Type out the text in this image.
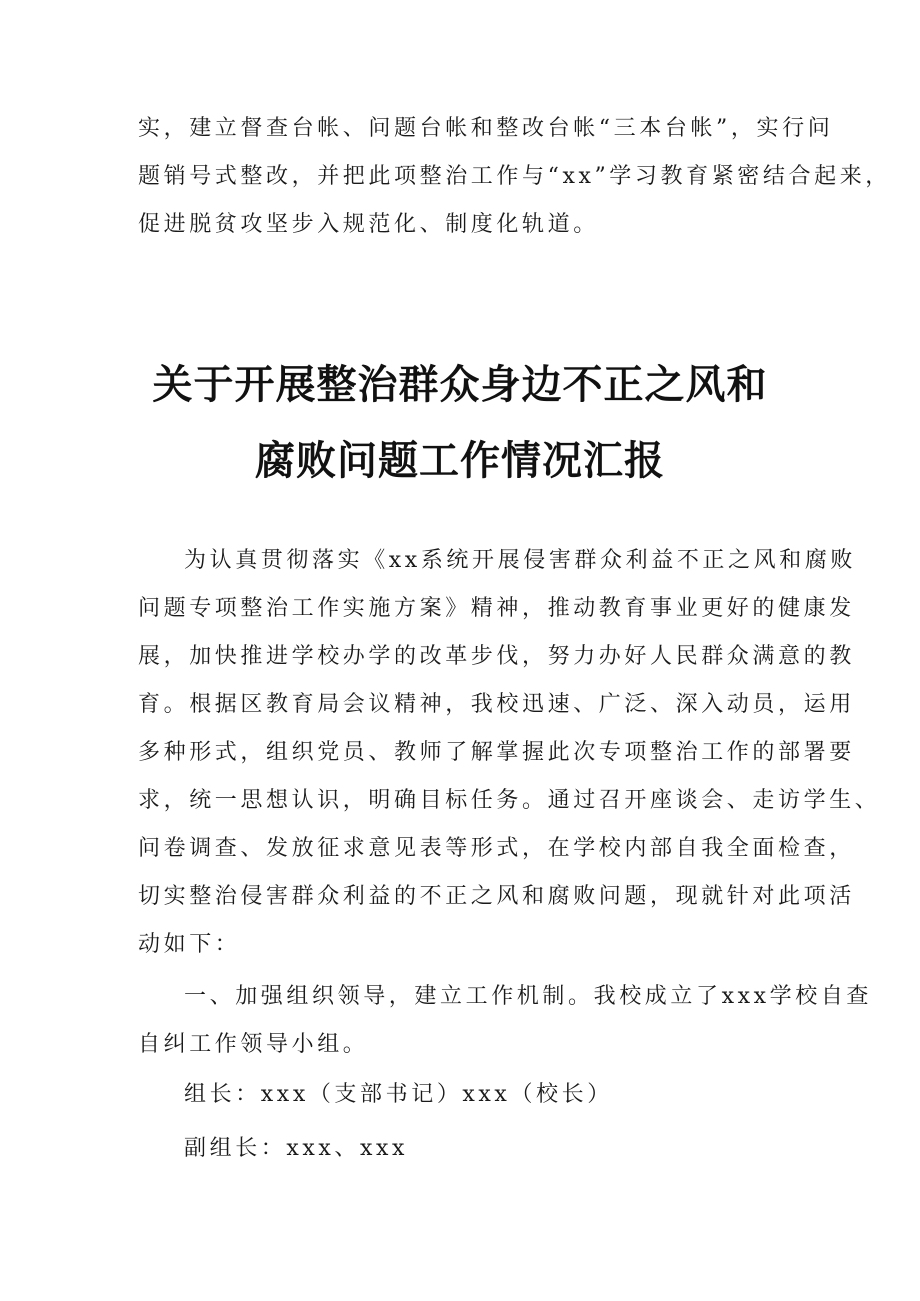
实，建立督查台帐、问题台帐和整改台帐“三本台帐”，实行问

题销号式整改，并把此项整治工作与“xx”学习教育紧密结合起来，

促进脱贫攻坚步入规范化、制度化轨道。

关于开展整治群众身边不正之风和
腐败问题工作情况汇报

为认真贯彻落实《xx系统开展侵害群众利益不正之风和腐败

问题专项整治工作实施方案》精神，推动教育事业更好的健康发

展，加快推进学校办学的改革步伐，努力办好人民群众满意的教

育。根据区教育局会议精神，我校迅速、广泛、深入动员，运用

多种形式，组织党员、教师了解掌握此次专项整治工作的部署要

求，统一思想认识，明确目标任务。通过召开座谈会、走访学生、

问卷调查、发放征求意见表等形式，在学校内部自我全面检查，

切实整治侵害群众利益的不正之风和腐败问题，现就针对此项活

动如下：

一、加强组织领导，建立工作机制。我校成立了xxx学校自查

自纠工作领导小组。

组长：xxx（支部书记）xxx（校长）

副组长：xxx、xxx
